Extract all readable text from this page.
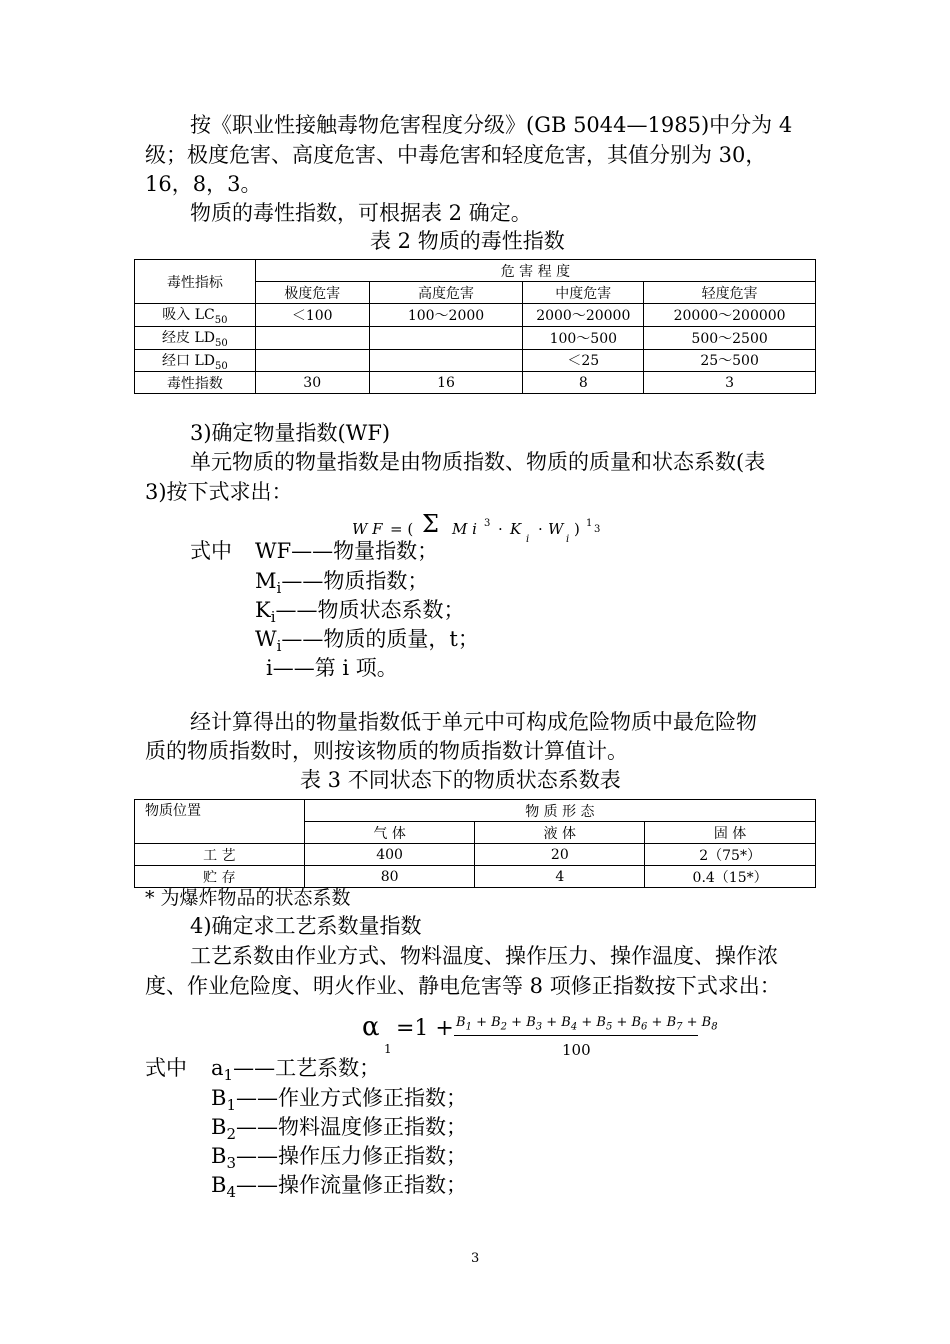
按《职业性接触毒物危害程度分级》(GB 5044—1985)中分为 4
级；极度危害、高度危害、中毒危害和轻度危害，其值分别为 30，
16，8，3。
物质的毒性指数，可根据表 2 确定。
表 2 物质的毒性指数
毒性指标	危 害 程 度			
	极度危害	高度危害	中度危害	轻度危害
吸入 $LC_{50}$	＜100	100～2000	2000～20000	20000～200000
经皮 $LD_{50}$			100～500	500～2500
经口 $LD_{50}$			＜25	25～500
毒性指数	30	16	8	3
3)确定物量指数(WF)
单元物质的物量指数是由物质指数、物质的质量和状态系数(表
3)按下式求出：
W F = ( Σ M i 3 · K
i
· W
i
) 1
3
式中 WF——物量指数；
$M_i——$物质指数；
$K_i——$物质状态系数；
$W_i——$物质的质量，t；
i——第 i 项。
经计算得出的物量指数低于单元中可构成危险物质中最危险物
质的物质指数时，则按该物质的物质指数计算值计。
表 3 不同状态下的物质状态系数表
物质位置	物 质 形 态		
	气 体	液 体	固 体
工 艺	400	20	2（75*）
贮 存	80	4	0.4（15*）
* 为爆炸物品的状态系数
4)确定求工艺系数量指数
工艺系数由作业方式、物料温度、操作压力、操作温度、操作浓
度、作业危险度、明火作业、静电危害等 8 项修正指数按下式求出：
α
1
$=1 + B_1 + B_2 + B_3 + B_4 + B_5 + B_6 + B_7 + B_8$
100
式中 $a_1——$工艺系数；
$B_1——$作业方式修正指数；
$B_2——$物料温度修正指数；
$B_3——$操作压力修正指数；
$B_4——$操作流量修正指数；
3
